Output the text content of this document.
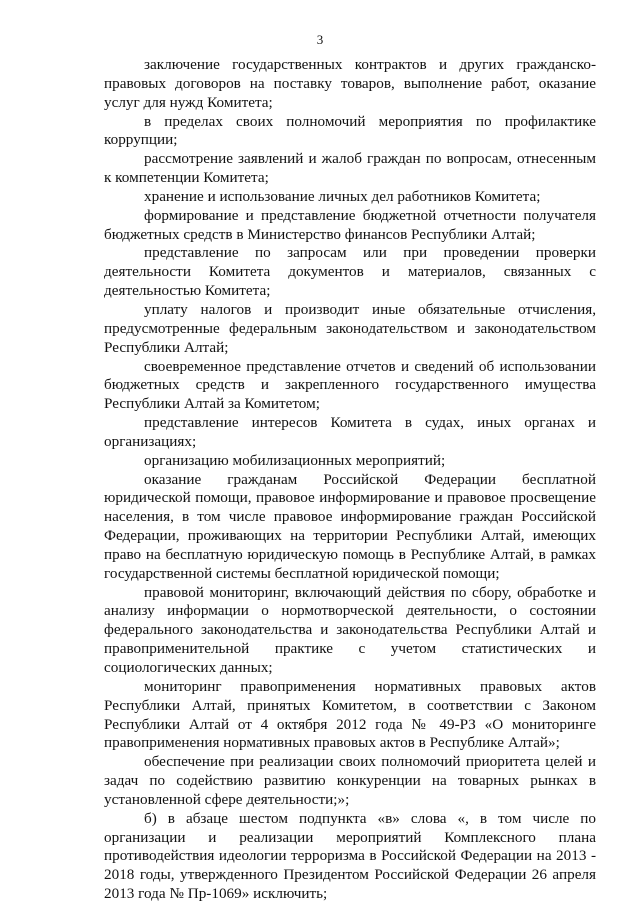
3

заключение государственных контрактов и других гражданско-правовых договоров на поставку товаров, выполнение работ, оказание услуг для нужд Комитета;

в пределах своих полномочий мероприятия по профилактике коррупции;

рассмотрение заявлений и жалоб граждан по вопросам, отнесенным к компетенции Комитета;

хранение и использование личных дел работников Комитета;

формирование и представление бюджетной отчетности получателя бюджетных средств в Министерство финансов Республики Алтай;

представление по запросам или при проведении проверки деятельности Комитета документов и материалов, связанных с деятельностью Комитета;

уплату налогов и производит иные обязательные отчисления, предусмотренные федеральным законодательством и законодательством Республики Алтай;

своевременное представление отчетов и сведений об использовании бюджетных средств и закрепленного государственного имущества Республики Алтай за Комитетом;

представление интересов Комитета в судах, иных органах и организациях;

организацию мобилизационных мероприятий;

оказание гражданам Российской Федерации бесплатной юридической помощи, правовое информирование и правовое просвещение населения, в том числе правовое информирование граждан Российской Федерации, проживающих на территории Республики Алтай, имеющих право на бесплатную юридическую помощь в Республике Алтай, в рамках государственной системы бесплатной юридической помощи;

правовой мониторинг, включающий действия по сбору, обработке и анализу информации о нормотворческой деятельности, о состоянии федерального законодательства и законодательства Республики Алтай и правоприменительной практике с учетом статистических и социологических данных;

мониторинг правоприменения нормативных правовых актов Республики Алтай, принятых Комитетом, в соответствии с Законом Республики Алтай от 4 октября 2012 года № 49-РЗ «О мониторинге правоприменения нормативных правовых актов в Республике Алтай»;

обеспечение при реализации своих полномочий приоритета целей и задач по содействию развитию конкуренции на товарных рынках в установленной сфере деятельности;»;

б) в абзаце шестом подпункта «в» слова «, в том числе по организации и реализации мероприятий Комплексного плана противодействия идеологии терроризма в Российской Федерации на 2013 - 2018 годы, утвержденного Президентом Российской Федерации 26 апреля 2013 года № Пр-1069» исключить;
